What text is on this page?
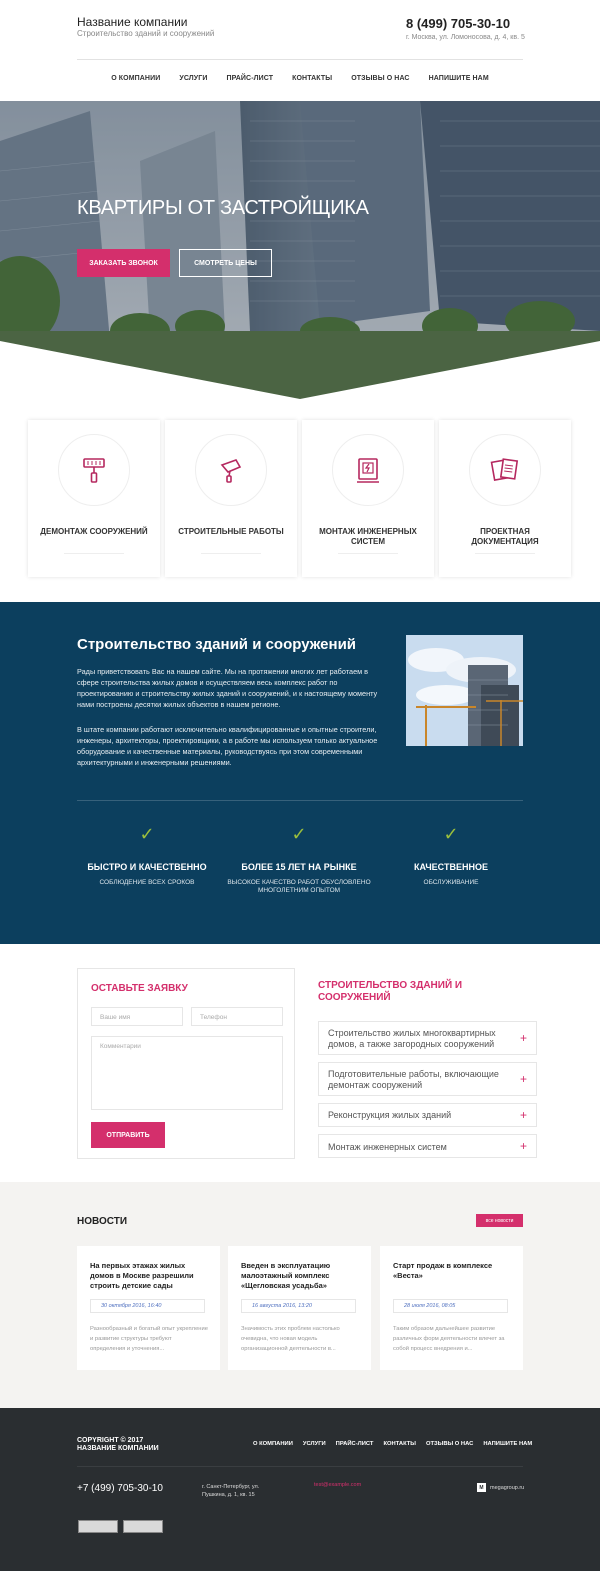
Название компании
Строительство зданий и сооружений
8 (499) 705-30-10
г. Москва, ул. Ломоносова, д. 4, кв. 5
О КОМПАНИИ	УСЛУГИ	ПРАЙС-ЛИСТ	КОНТАКТЫ	ОТЗЫВЫ О НАС	НАПИШИТЕ НАМ
КВАРТИРЫ ОТ ЗАСТРОЙЩИКА
ЗАКАЗАТЬ ЗВОНОК	СМОТРЕТЬ ЦЕНЫ
ДЕМОНТАЖ СООРУЖЕНИЙ	СТРОИТЕЛЬНЫЕ РАБОТЫ	МОНТАЖ ИНЖЕНЕРНЫХ СИСТЕМ
ПРОЕКТНАЯ ДОКУМЕНТАЦИЯ
Строительство зданий и сооружений

Рады приветствовать Вас на нашем сайте. Мы на протяжении многих лет работаем в сфере строительства жилых домов и осуществляем весь комплекс работ по проектированию и строительству жилых зданий и сооружений, и к настоящему моменту нами построены десятки жилых объектов в нашем регионе.

В штате компании работают исключительно квалифицированные и опытные строители, инженеры, архитекторы, проектировщики, а в работе мы используем только актуальное оборудование и качественные материалы, руководствуясь при этом современными архитектурными и инженерными решениями.

✓
БЫСТРО И КАЧЕСТВЕННО
СОБЛЮДЕНИЕ ВСЕХ СРОКОВ
✓
БОЛЕЕ 15 ЛЕТ НА РЫНКЕ
ВЫСОКОЕ КАЧЕСТВО РАБОТ ОБУСЛОВЛЕНО МНОГОЛЕТНИМ ОПЫТОМ
✓
КАЧЕСТВЕННОЕ
ОБСЛУЖИВАНИЕ
ОСТАВЬТЕ ЗАЯВКУ
Ваше имя	Телефон
Комментарии
ОТПРАВИТЬ
СТРОИТЕЛЬСТВО ЗДАНИЙ И СООРУЖЕНИЙ
Строительство жилых многоквартирных домов, а также загородных сооружений	+
Подготовительные работы, включающие демонтаж сооружений	+
Реконструкция жилых зданий	+
Монтаж инженерных систем	+
НОВОСТИ	все новости
На первых этажах жилых домов в Москве разрешили строить детские сады
30 октября 2016, 16:40
Разнообразный и богатый опыт укрепление и развитие структуры требуют определения и уточнения...
Введен в эксплуатацию малоэтажный комплекс «Щегловская усадьба»
16 августа 2016, 13:20
Значимость этих проблем настолько очевидна, что новая модель организационной деятельности в...
Старт продаж в комплексе «Веста»
28 июля 2016, 08:05
Таким образом дальнейшее развитие различных форм деятельности влечет за собой процесс внедрения и...
COPYRIGHT © 2017
НАЗВАНИЕ КОМПАНИИ
О КОМПАНИИ УСЛУГИ ПРАЙС-ЛИСТ КОНТАКТЫ ОТЗЫВЫ О НАС НАПИШИТЕ НАМ
+7 (499) 705-30-10	г. Санкт-Петербург, ул. Пушкина, д. 1, кв. 15
test@example.com	M	megagroup.ru
